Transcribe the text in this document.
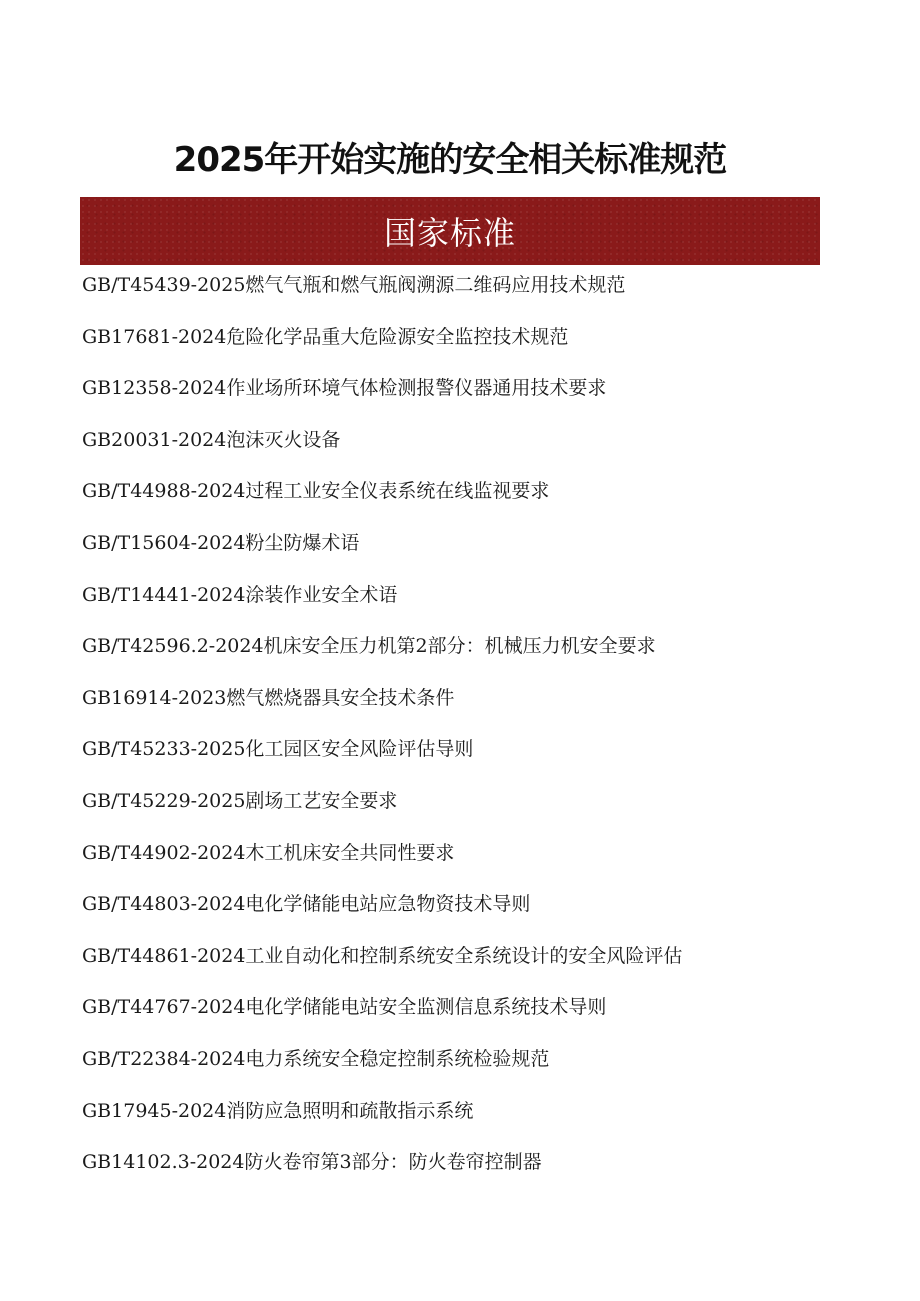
2025年开始实施的安全相关标准规范
国家标准
GB/T45439-2025燃气气瓶和燃气瓶阀溯源二维码应用技术规范
GB17681-2024危险化学品重大危险源安全监控技术规范
GB12358-2024作业场所环境气体检测报警仪器通用技术要求
GB20031-2024泡沫灭火设备
GB/T44988-2024过程工业安全仪表系统在线监视要求
GB/T15604-2024粉尘防爆术语
GB/T14441-2024涂装作业安全术语
GB/T42596.2-2024机床安全压力机第2部分：机械压力机安全要求
GB16914-2023燃气燃烧器具安全技术条件
GB/T45233-2025化工园区安全风险评估导则
GB/T45229-2025剧场工艺安全要求
GB/T44902-2024木工机床安全共同性要求
GB/T44803-2024电化学储能电站应急物资技术导则
GB/T44861-2024工业自动化和控制系统安全系统设计的安全风险评估
GB/T44767-2024电化学储能电站安全监测信息系统技术导则
GB/T22384-2024电力系统安全稳定控制系统检验规范
GB17945-2024消防应急照明和疏散指示系统
GB14102.3-2024防火卷帘第3部分：防火卷帘控制器
